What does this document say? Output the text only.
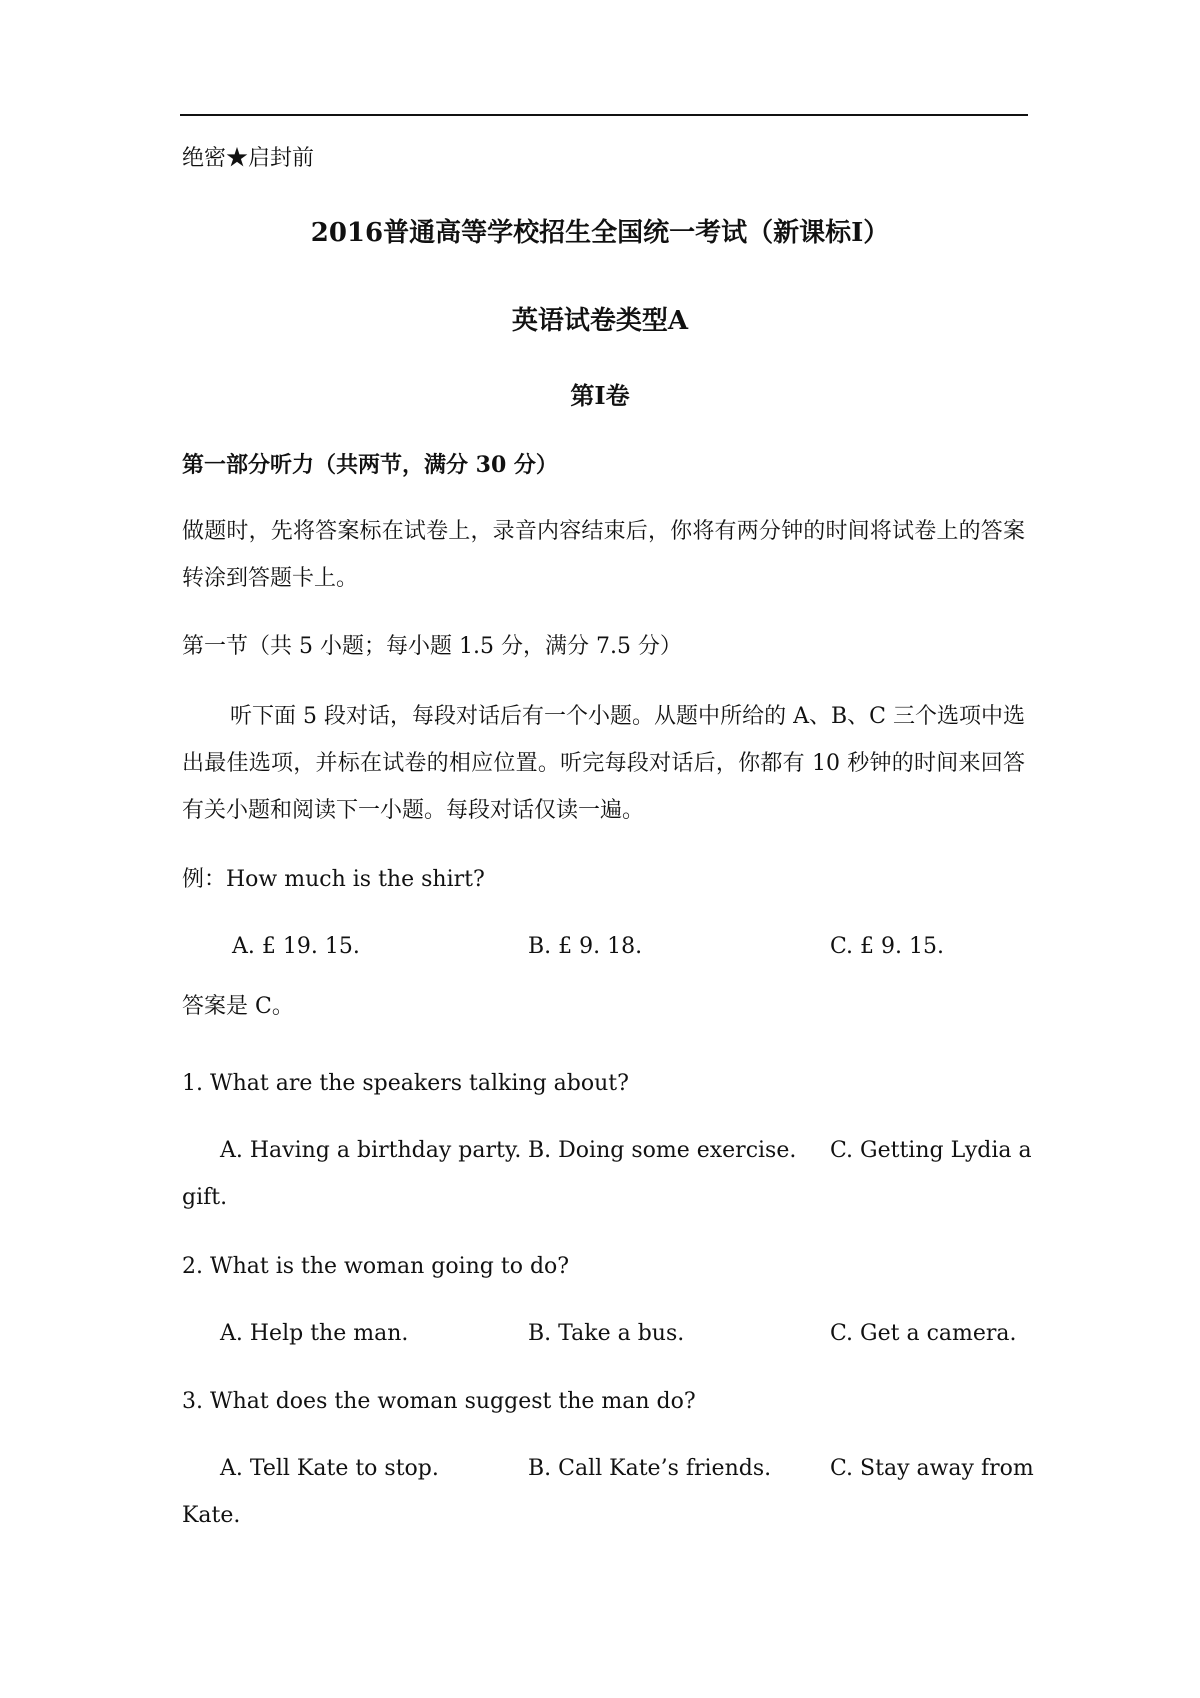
绝密★启封前
2016普通高等学校招生全国统一考试（新课标Ⅰ）
英语试卷类型A
第Ⅰ卷
第一部分听力（共两节，满分 30 分）
做题时，先将答案标在试卷上，录音内容结束后，你将有两分钟的时间将试卷上的答案转涂到答题卡上。
第一节（共 5 小题；每小题 1.5 分，满分 7.5 分）
听下面 5 段对话，每段对话后有一个小题。从题中所给的 A、B、C 三个选项中选出最佳选项，并标在试卷的相应位置。听完每段对话后，你都有 10 秒钟的时间来回答有关小题和阅读下一小题。每段对话仅读一遍。
例：How much is the shirt?
A. £ 19. 15.	B. £ 9. 18.	C. £ 9. 15.
答案是 C。
1. What are the speakers talking about?
A. Having a birthday party. B. Doing some exercise. C. Getting Lydia a
gift.
2. What is the woman going to do?
A. Help the man.	B. Take a bus.	C. Get a camera.
3. What does the woman suggest the man do?
A. Tell Kate to stop.	B. Call Kate’s friends.	C. Stay away from
Kate.
